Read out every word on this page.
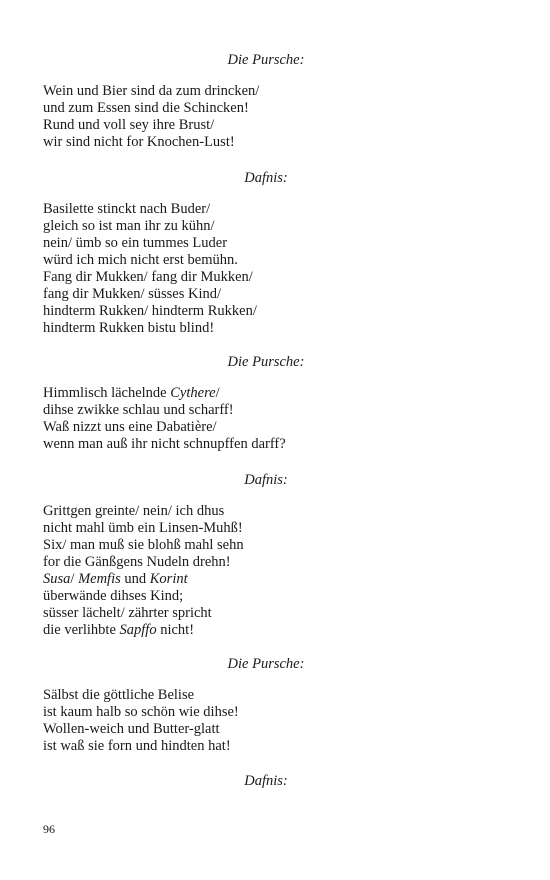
Die Pursche:
Wein und Bier sind da zum drincken/
und zum Essen sind die Schincken!
Rund und voll sey ihre Brust/
wir sind nicht for Knochen-Lust!
Dafnis:
Basilette stinckt nach Buder/
gleich so ist man ihr zu kühn/
nein/ ümb so ein tummes Luder
würd ich mich nicht erst bemühn.
Fang dir Mukken/ fang dir Mukken/
fang dir Mukken/ süsses Kind/
hindterm Rukken/ hindterm Rukken/
hindterm Rukken bistu blind!
Die Pursche:
Himmlisch lächelnde Cythere/
dihse zwikke schlau und scharff!
Waß nizzt uns eine Dabatière/
wenn man auß ihr nicht schnupffen darff?
Dafnis:
Grittgen greinte/ nein/ ich dhus
nicht mahl ümb ein Linsen-Muhß!
Six/ man muß sie blohß mahl sehn
for die Gänßgens Nudeln drehn!
Susa/ Memfis und Korint
überwände dihses Kind;
süsser lächelt/ zährter spricht
die verlihbte Sapffo nicht!
Die Pursche:
Sälbst die göttliche Belise
ist kaum halb so schön wie dihse!
Wollen-weich und Butter-glatt
ist waß sie forn und hindten hat!
Dafnis:
96
